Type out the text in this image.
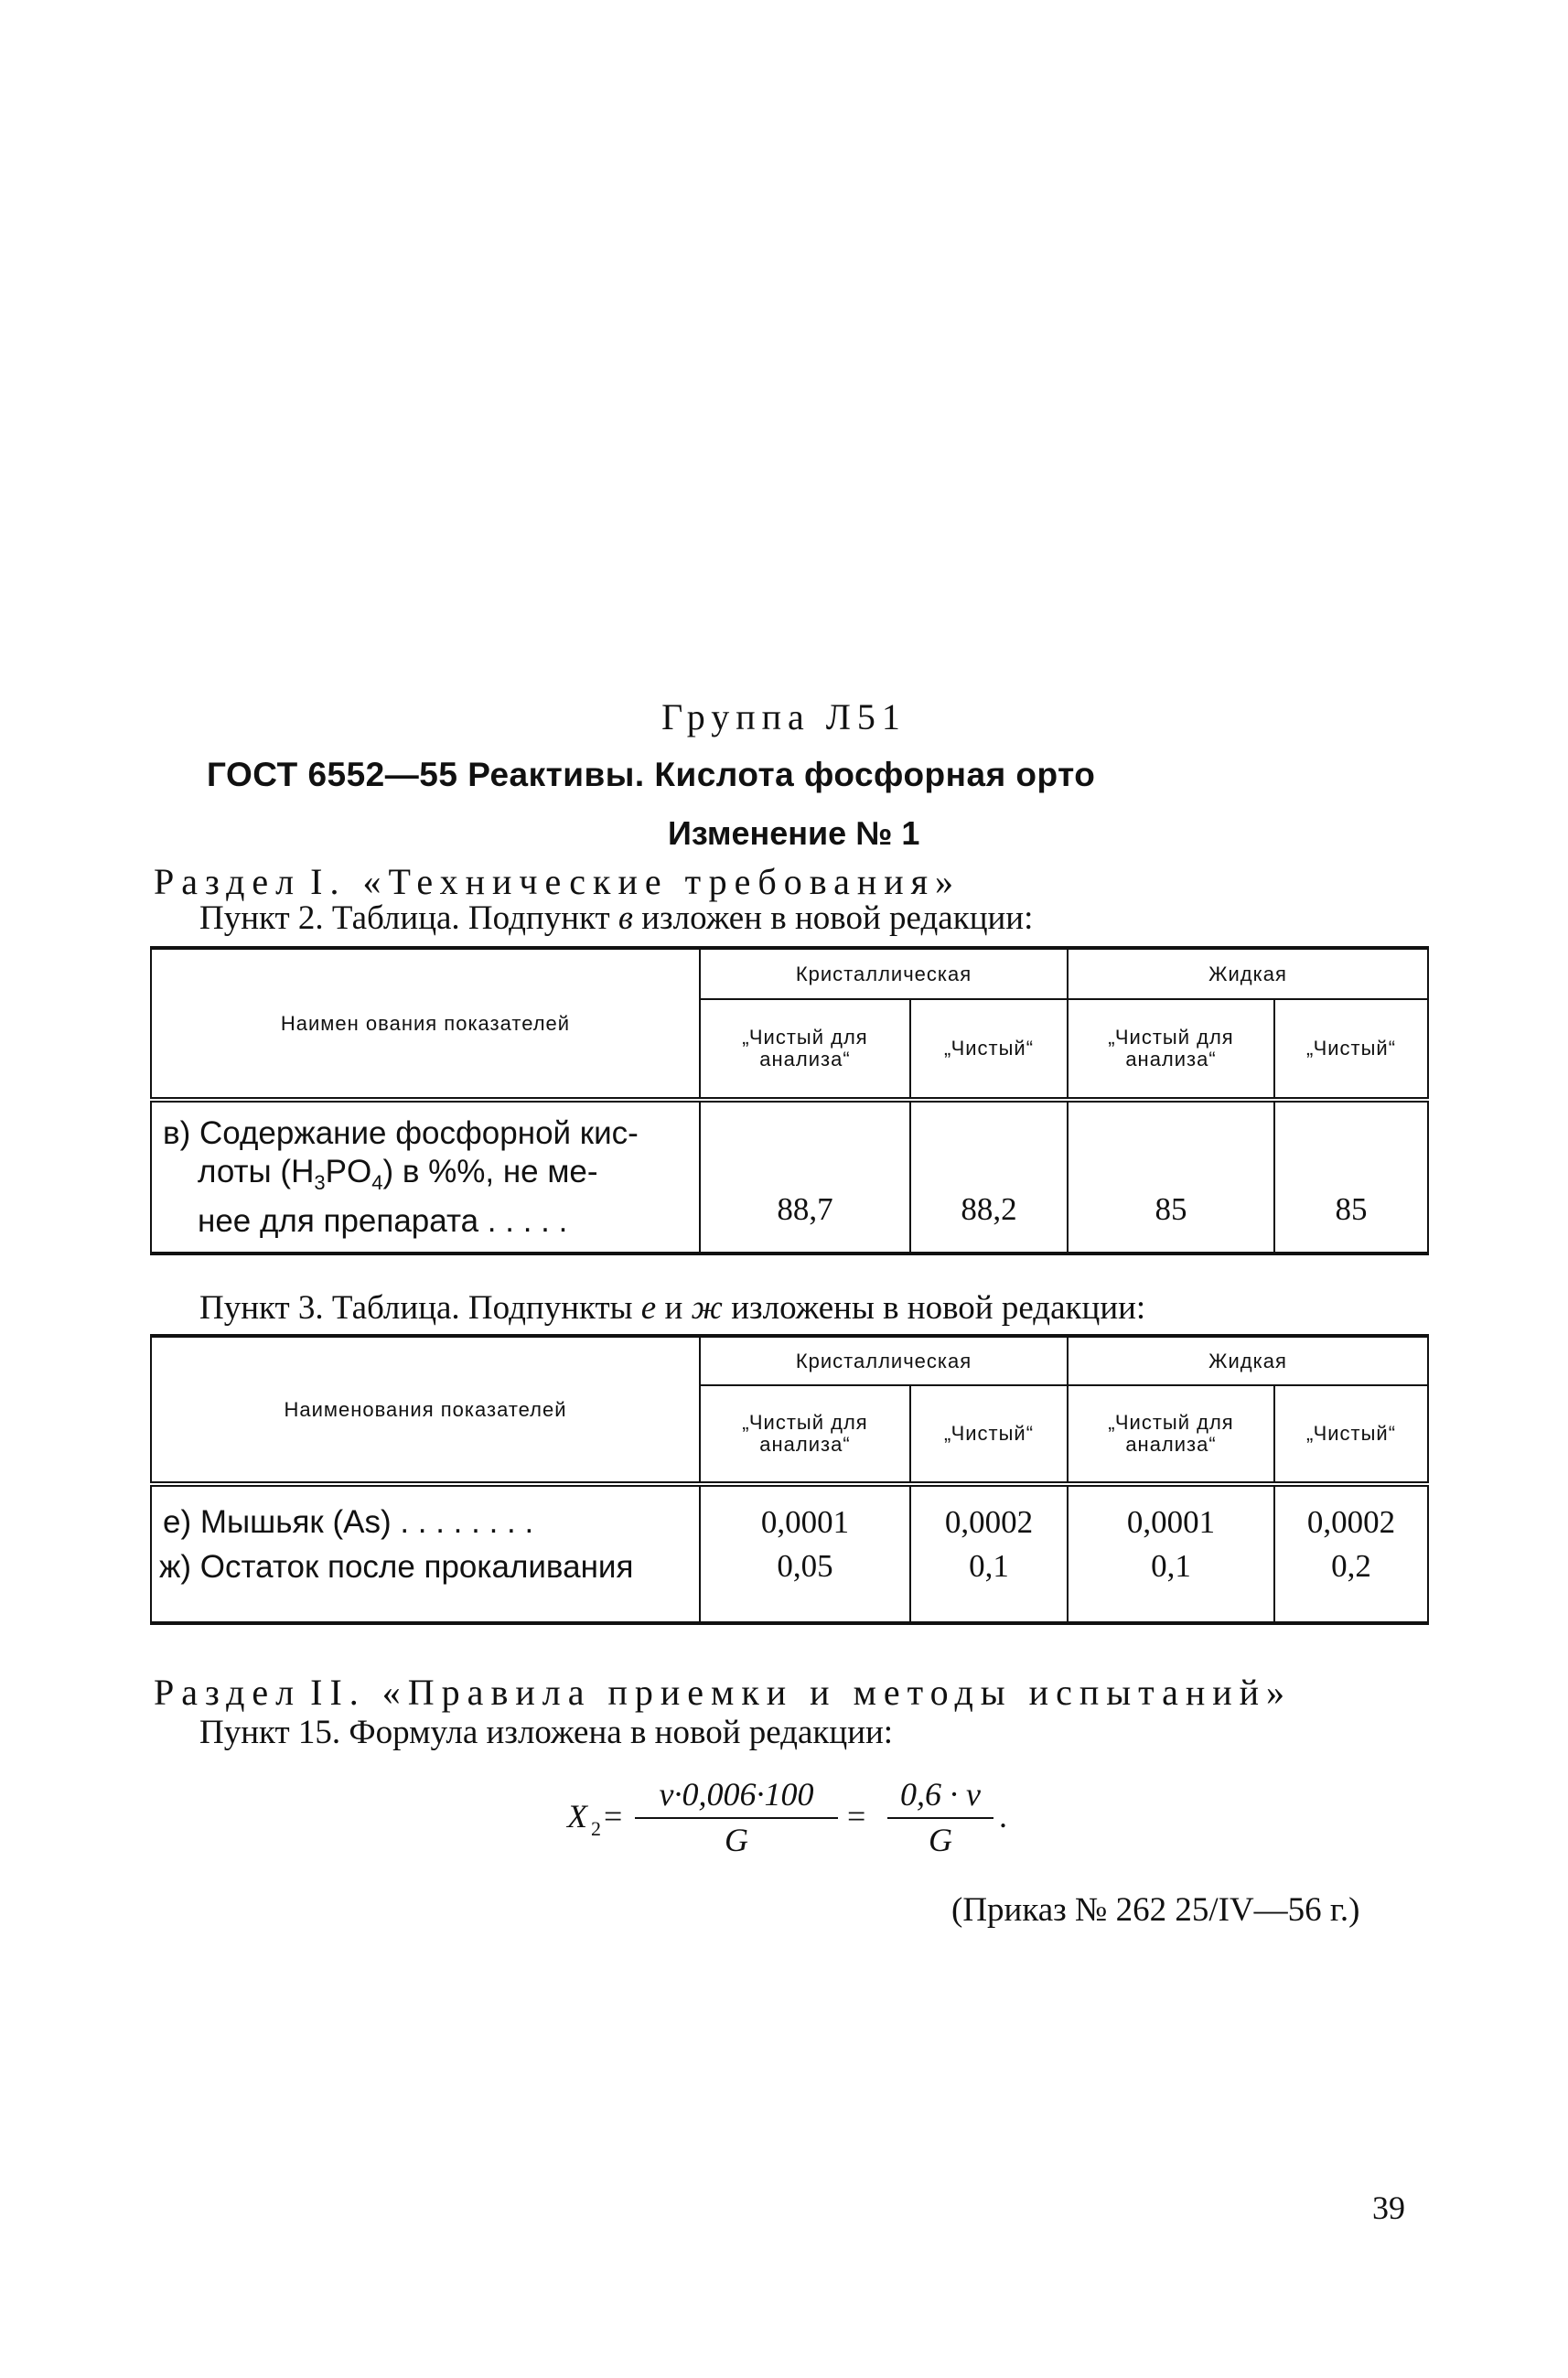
Группа Л51
ГОСТ 6552—55 Реактивы. Кислота фосфорная орто
Изменение № 1
Раздел I. «Технические требования»
Пункт 2. Таблица. Подпункт в изложен в новой редакции:
Наимен ования показателей	Кристаллическая		Жидкая	
	„Чистый для анализа“	„Чистый“	„Чистый для анализа“	„Чистый“

в) Содержание фосфорной кис-
лоты $(H_3PO_4)$ в %%, не ме-
нее для препарата . . . . .	88,7	88,2	85	85
Пункт 3. Таблица. Подпункты е и ж изложены в новой редакции:
Наименования показателей	Кристаллическая		Жидкая	
	„Чистый для анализа“	„Чистый“	„Чистый для анализа“	„Чистый“
е) Мышьяк (As) . . . . . . . .	0,0001	0,0002	0,0001	0,0002
ж) Остаток после прокаливания	0,05	0,1	0,1	0,2
Раздел II. «Правила приемки и методы испытаний»
Пункт 15. Формула изложена в новой редакции:
X 2 =
v·0,006·100
G
=
0,6 · v
G
.
(Приказ № 262 25/IV—56 г.)
39
